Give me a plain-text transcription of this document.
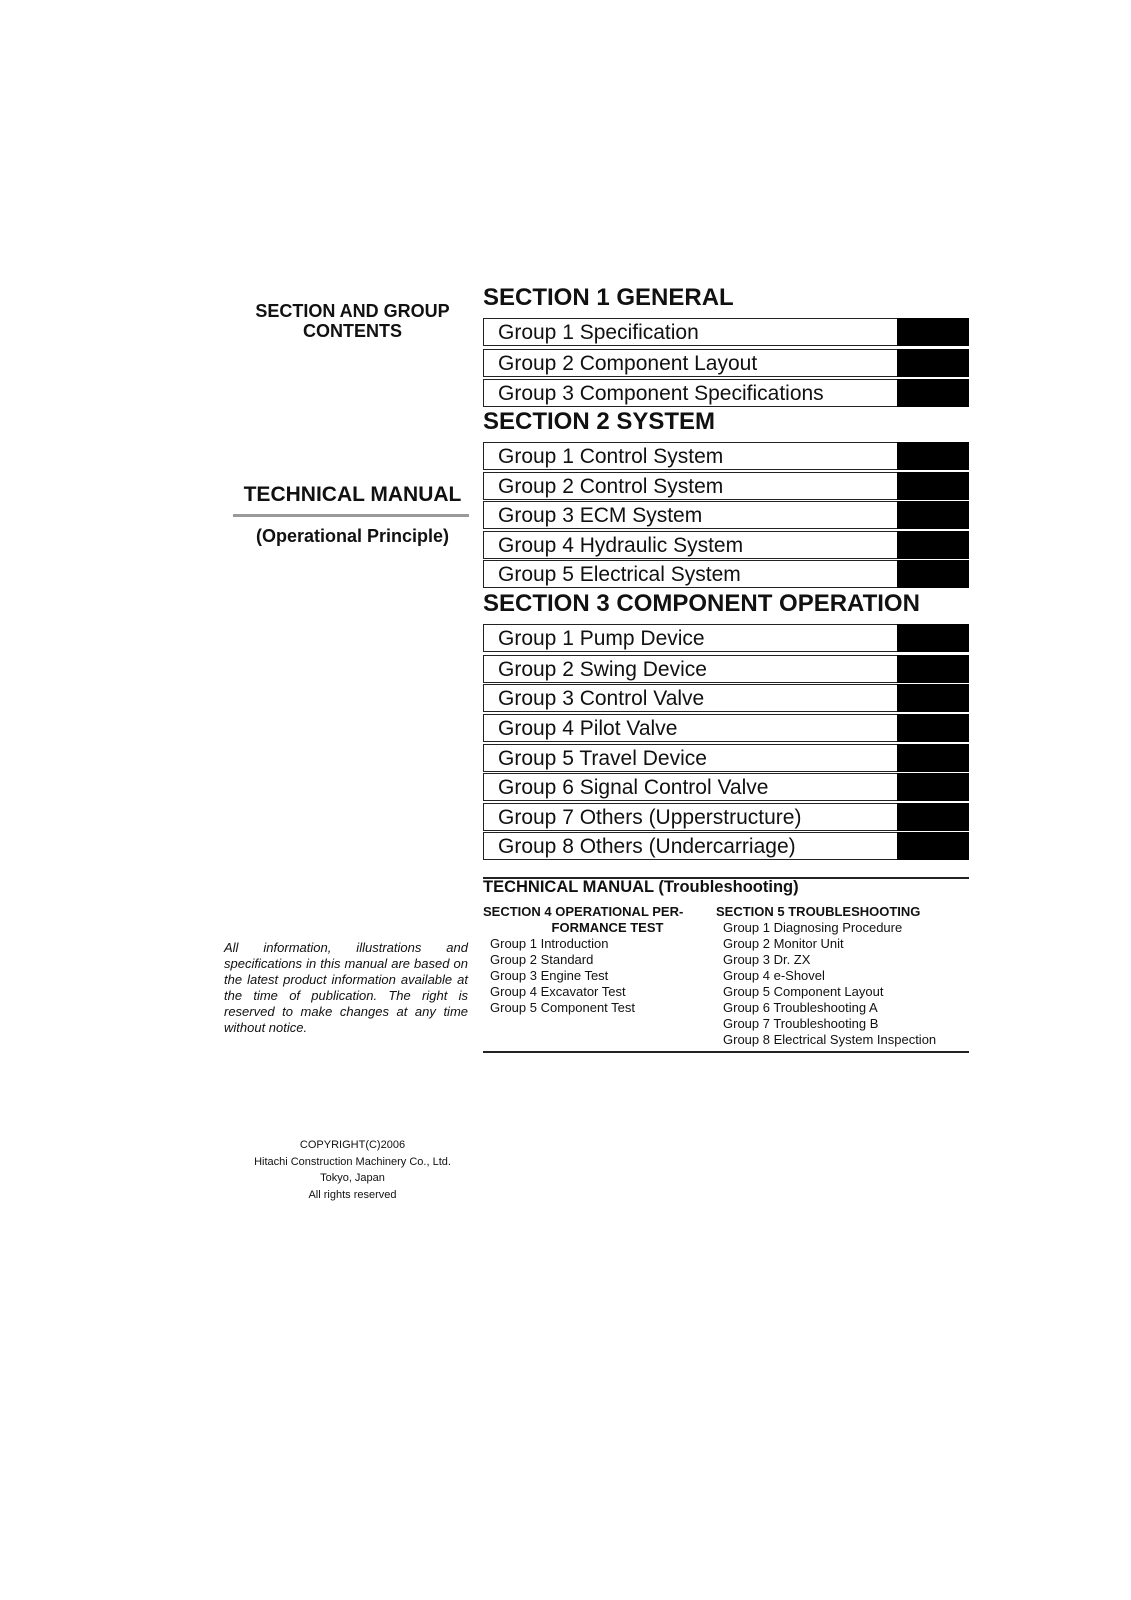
SECTION AND GROUP
CONTENTS
TECHNICAL MANUAL
(Operational Principle)
All information, illustrations and specifications in this manual are based on the latest product information available at the time of publication. The right is reserved to make changes at any time without notice.
COPYRIGHT(C)2006
Hitachi Construction Machinery Co., Ltd.
Tokyo, Japan
All rights reserved
SECTION 1 GENERAL
Group 1 Specification
Group 2 Component Layout
Group 3 Component Specifications
SECTION 2 SYSTEM
Group 1 Control System
Group 2 Control System
Group 3 ECM System
Group 4 Hydraulic System
Group 5 Electrical System
SECTION 3 COMPONENT OPERATION
Group 1 Pump Device
Group 2 Swing Device
Group 3 Control Valve
Group 4 Pilot Valve
Group 5 Travel Device
Group 6 Signal Control Valve
Group 7 Others (Upperstructure)
Group 8 Others (Undercarriage)
TECHNICAL MANUAL (Troubleshooting)
SECTION 4 OPERATIONAL PER-
FORMANCE TEST
Group 1 Introduction
Group 2 Standard
Group 3 Engine Test
Group 4 Excavator Test
Group 5 Component Test
SECTION 5 TROUBLESHOOTING
Group 1 Diagnosing Procedure
Group 2 Monitor Unit
Group 3 Dr. ZX
Group 4 e-Shovel
Group 5 Component Layout
Group 6 Troubleshooting A
Group 7 Troubleshooting B
Group 8 Electrical System Inspection
